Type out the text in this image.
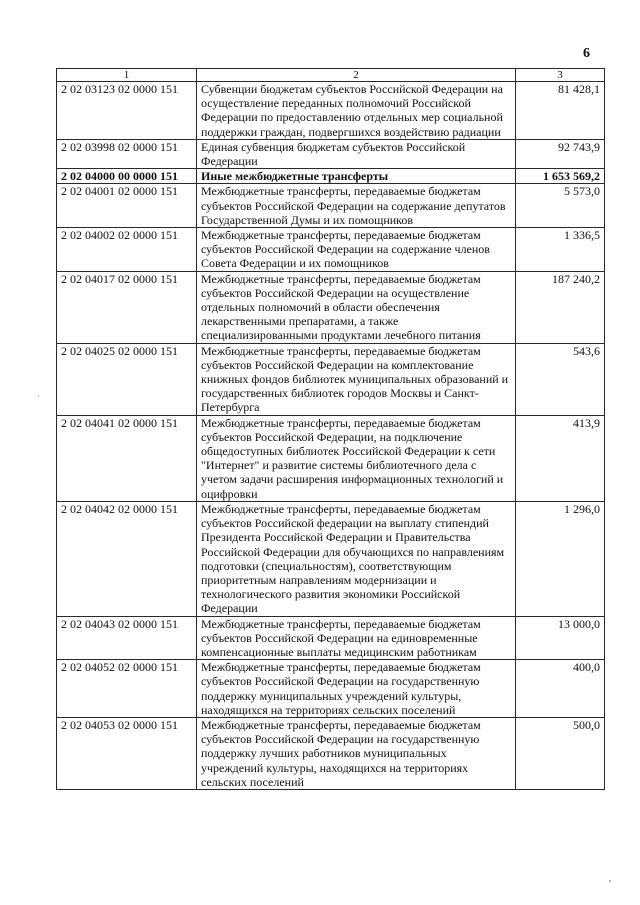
6
1	2	3
2 02 03123 02 0000 151	Субвенции бюджетам субъектов Российской Федерации на осуществление переданных полномочий Российской Федерации по предоставлению отдельных мер социальной поддержки граждан, подвергшихся воздействию радиации	81 428,1
2 02 03998 02 0000 151	Единая субвенция бюджетам субъектов Российской Федерации	92 743,9
2 02 04000 00 0000 151	Иные межбюджетные трансферты	1 653 569,2
2 02 04001 02 0000 151	Межбюджетные трансферты, передаваемые бюджетам субъектов Российской Федерации на содержание депутатов Государственной Думы и их помощников	5 573,0
2 02 04002 02 0000 151	Межбюджетные трансферты, передаваемые бюджетам субъектов Российской Федерации на содержание членов Совета Федерации и их помощников	1 336,5
2 02 04017 02 0000 151	Межбюджетные трансферты, передаваемые бюджетам субъектов Российской Федерации на осуществление отдельных полномочий в области обеспечения лекарственными препаратами, а также специализированными продуктами лечебного питания	187 240,2
2 02 04025 02 0000 151	Межбюджетные трансферты, передаваемые бюджетам субъектов Российской Федерации на комплектование книжных фондов библиотек муниципальных образований и государственных библиотек городов Москвы и Санкт-Петербурга	543,6
2 02 04041 02 0000 151	Межбюджетные трансферты, передаваемые бюджетам субъектов Российской Федерации, на подключение общедоступных библиотек Российской Федерации к сети "Интернет" и развитие системы библиотечного дела с учетом задачи расширения информационных технологий и оцифровки	413,9
2 02 04042 02 0000 151	Межбюджетные трансферты, передаваемые бюджетам субъектов Российской федерации на выплату стипендий Президента Российской Федерации и Правительства Российской Федерации для обучающихся по направлениям подготовки (специальностям), соответствующим приоритетным направлениям модернизации и технологического развития экономики Российской Федерации	1 296,0
2 02 04043 02 0000 151	Межбюджетные трансферты, передаваемые бюджетам субъектов Российской Федерации на единовременные компенсационные выплаты медицинским работникам	13 000,0
2 02 04052 02 0000 151	Межбюджетные трансферты, передаваемые бюджетам субъектов Российской Федерации на государственную поддержку муниципальных учреждений культуры, находящихся на территориях сельских поселений	400,0
2 02 04053 02 0000 151	Межбюджетные трансферты, передаваемые бюджетам субъектов Российской Федерации на государственную поддержку лучших работников муниципальных учреждений культуры, находящихся на территориях сельских поселений	500,0
